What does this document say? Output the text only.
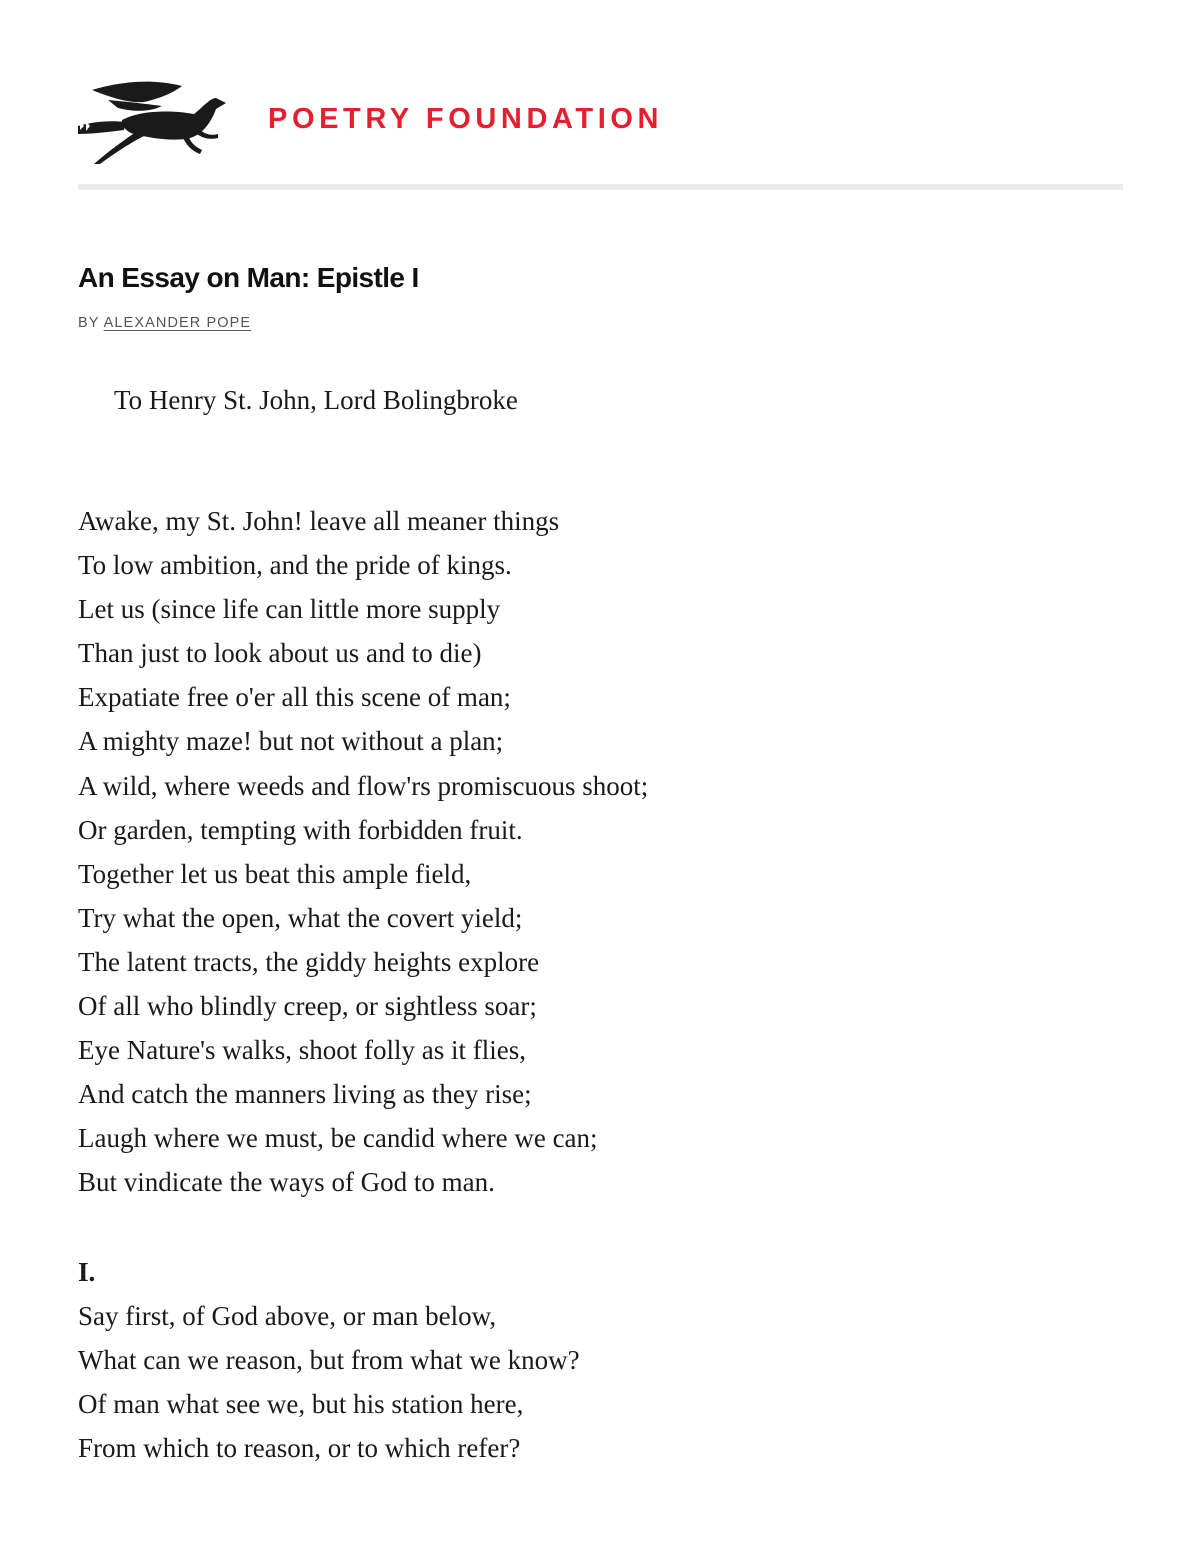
POETRY FOUNDATION
An Essay on Man: Epistle I
BY ALEXANDER POPE
To Henry St. John, Lord Bolingbroke
Awake, my St. John! leave all meaner things
To low ambition, and the pride of kings.
Let us (since life can little more supply
Than just to look about us and to die)
Expatiate free o'er all this scene of man;
A mighty maze! but not without a plan;
A wild, where weeds and flow'rs promiscuous shoot;
Or garden, tempting with forbidden fruit.
Together let us beat this ample field,
Try what the open, what the covert yield;
The latent tracts, the giddy heights explore
Of all who blindly creep, or sightless soar;
Eye Nature's walks, shoot folly as it flies,
And catch the manners living as they rise;
Laugh where we must, be candid where we can;
But vindicate the ways of God to man.
I.
Say first, of God above, or man below,
What can we reason, but from what we know?
Of man what see we, but his station here,
From which to reason, or to which refer?
